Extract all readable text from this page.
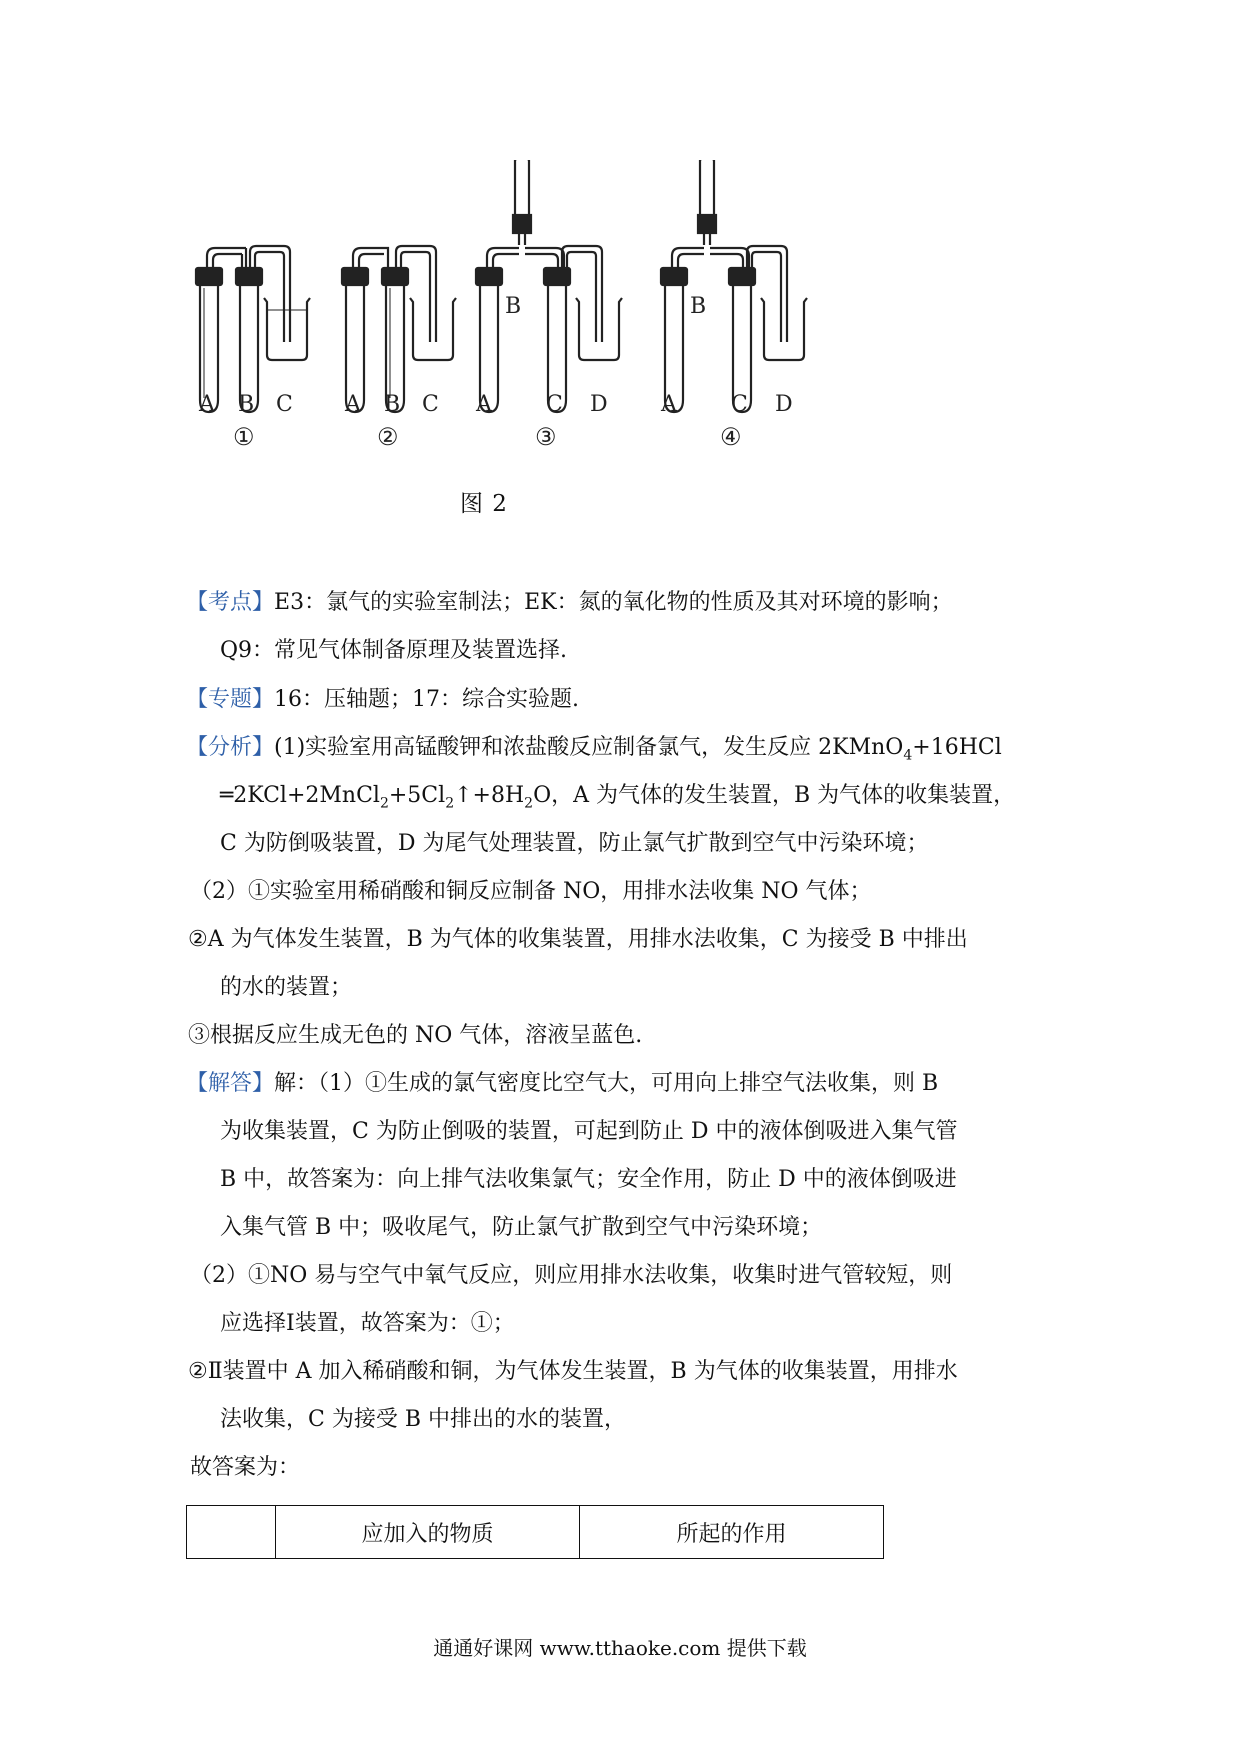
A B C
①
A B C
②
B
A C D
③
B
A C D
④
图 2
【考点】E3：氯气的实验室制法；EK：氮的氧化物的性质及其对环境的影响；
Q9：常见气体制备原理及装置选择.
【专题】16：压轴题；17：综合实验题.
【分析】(1)实验室用高锰酸钾和浓盐酸反应制备氯气，发生反应 2KMnO$_4$+16HCl
$═2KCl+2MnCl_2+5Cl_2↑+8H_2O$，A 为气体的发生装置，B 为气体的收集装置，
C 为防倒吸装置，D 为尾气处理装置，防止氯气扩散到空气中污染环境；
（2）①实验室用稀硝酸和铜反应制备 NO，用排水法收集 NO 气体；
②A 为气体发生装置，B 为气体的收集装置，用排水法收集，C 为接受 B 中排出
的水的装置；
③根据反应生成无色的 NO 气体，溶液呈蓝色.
【解答】解：（1）①生成的氯气密度比空气大，可用向上排空气法收集，则 B
为收集装置，C 为防止倒吸的装置，可起到防止 D 中的液体倒吸进入集气管
B 中，故答案为：向上排气法收集氯气；安全作用，防止 D 中的液体倒吸进
入集气管 B 中；吸收尾气，防止氯气扩散到空气中污染环境；
（2）①NO 易与空气中氧气反应，则应用排水法收集，收集时进气管较短，则
应选择Ⅰ装置，故答案为：①；
②Ⅱ装置中 A 加入稀硝酸和铜，为气体发生装置，B 为气体的收集装置，用排水
法收集，C 为接受 B 中排出的水的装置，
故答案为：
	应加入的物质	所起的作用
通通好课网 www.tthaoke.com 提供下载
